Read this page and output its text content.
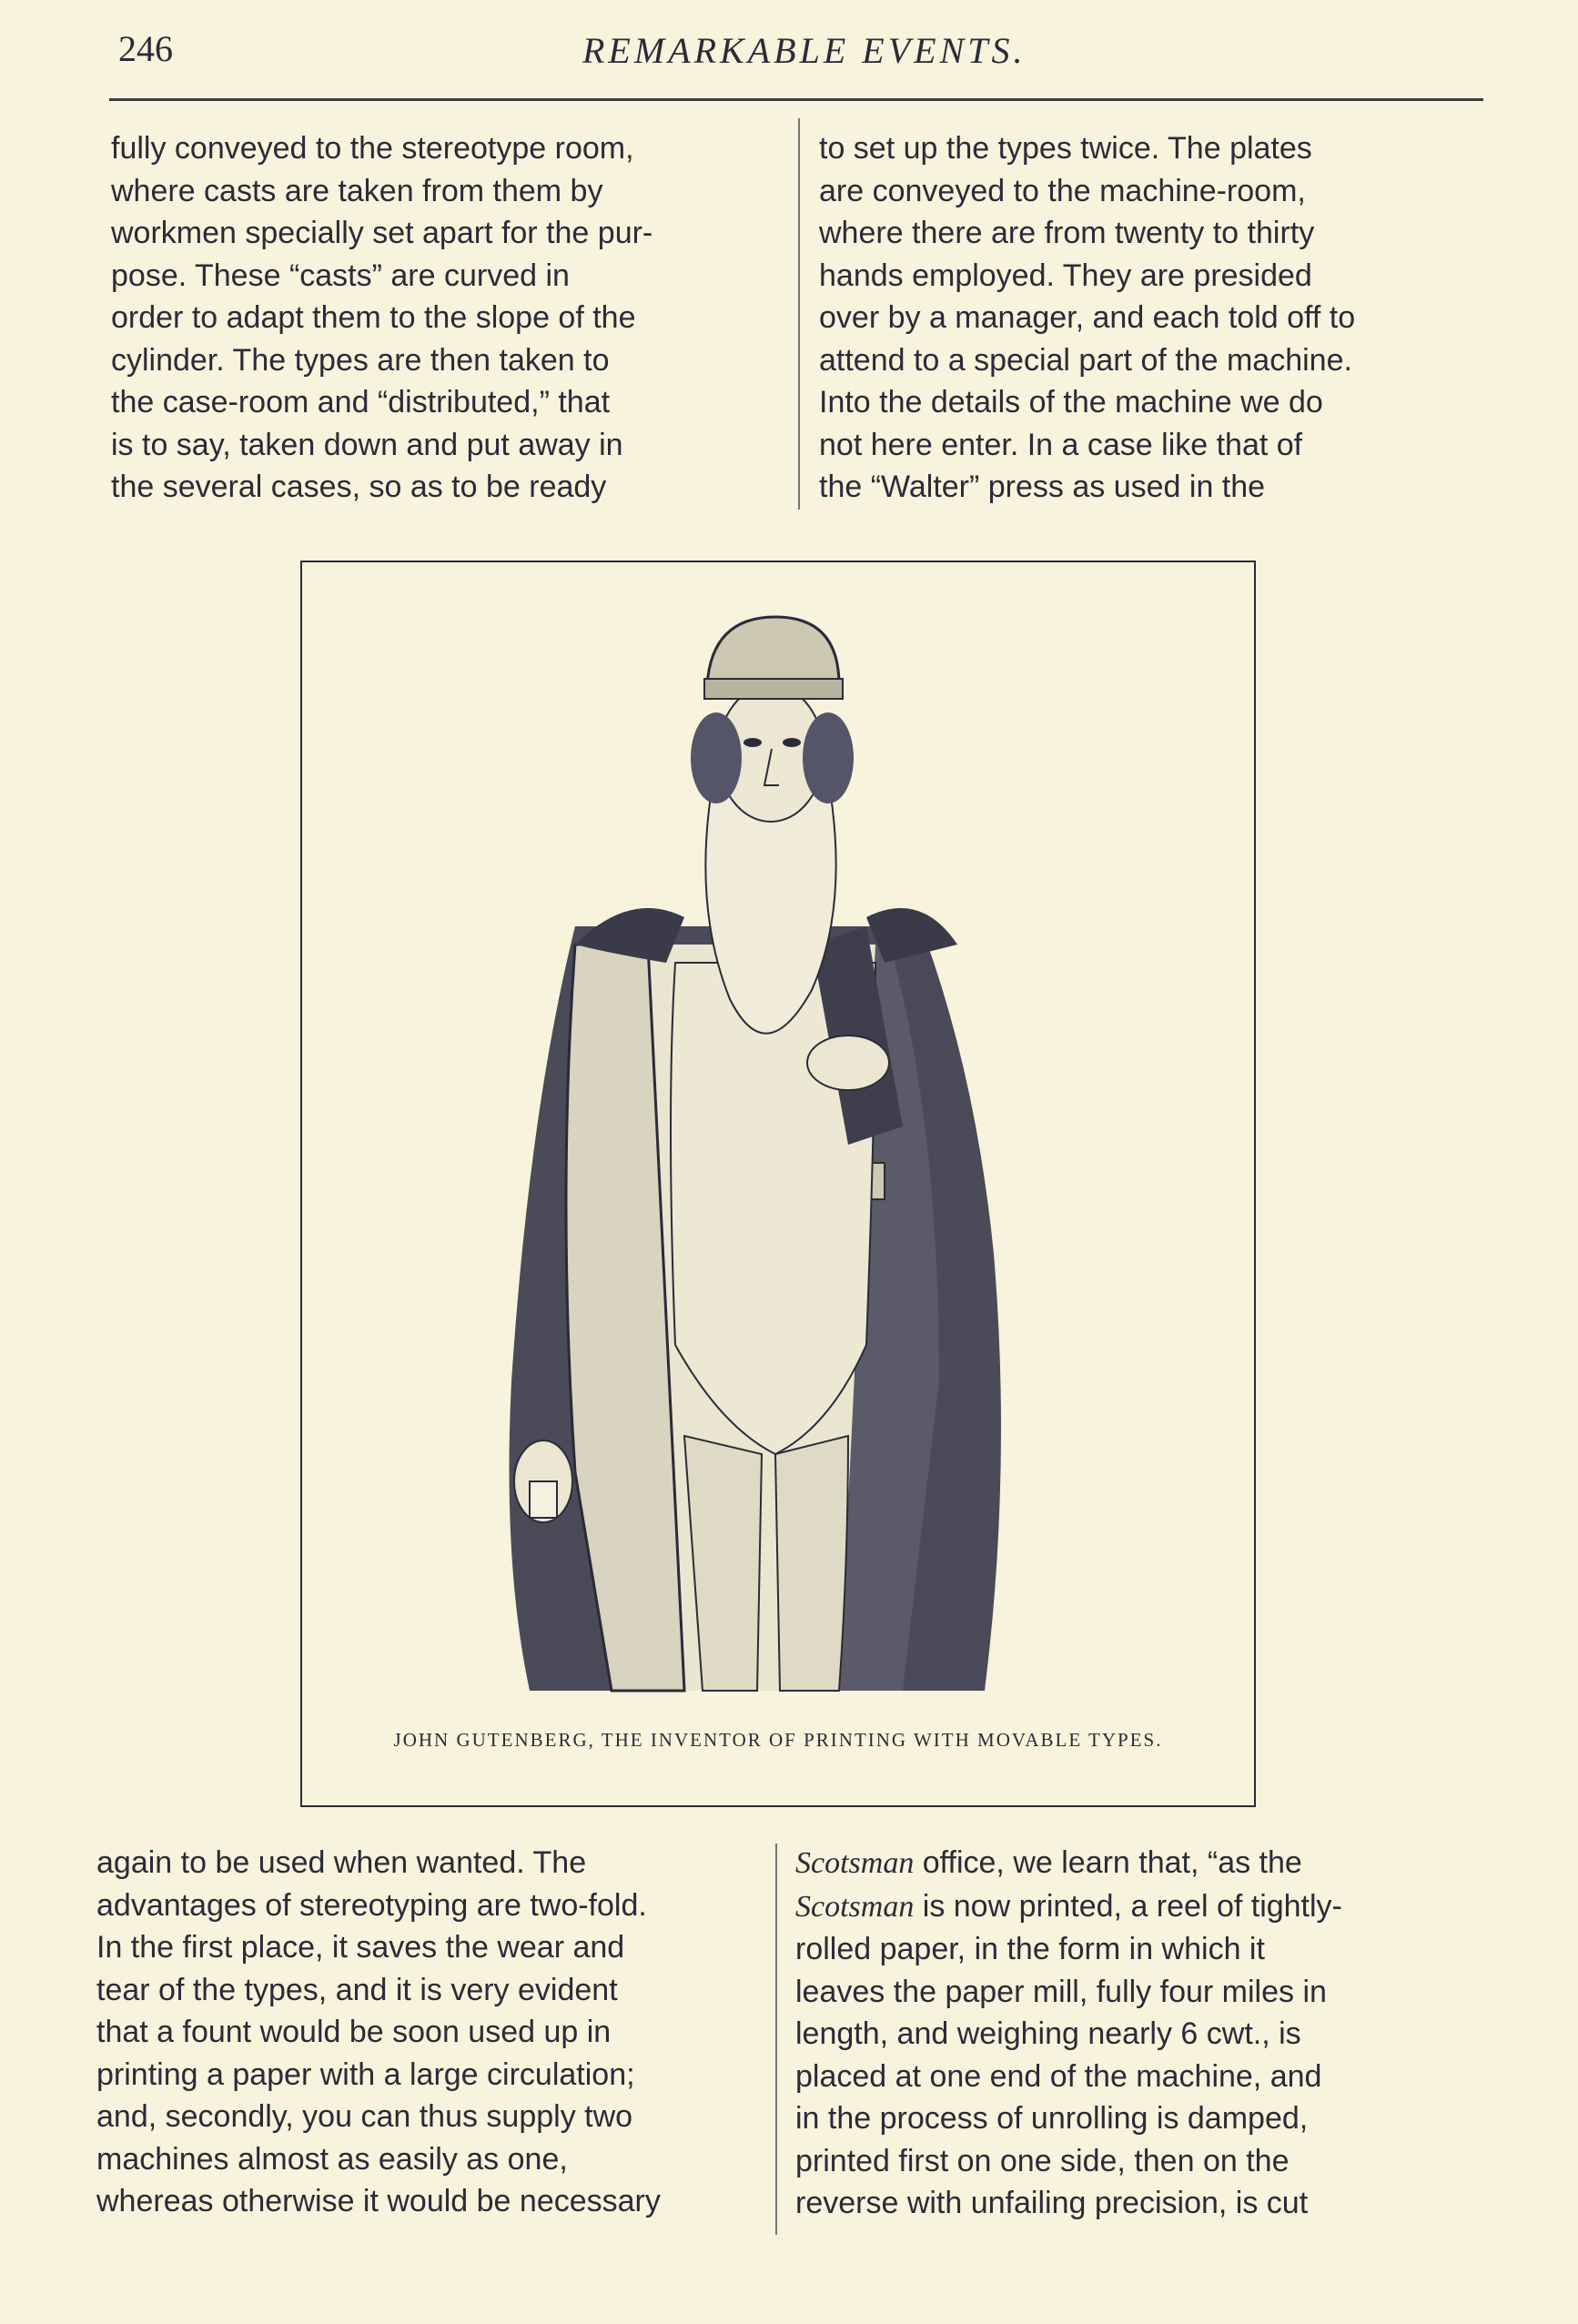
246	REMARKABLE EVENTS.
fully conveyed to the stereotype room,
where casts are taken from them by
workmen specially set apart for the pur-
pose. These “casts” are curved in
order to adapt them to the slope of the
cylinder. The types are then taken to
the case-room and “distributed,” that
is to say, taken down and put away in
the several cases, so as to be ready
to set up the types twice. The plates
are conveyed to the machine-room,
where there are from twenty to thirty
hands employed. They are presided
over by a manager, and each told off to
attend to a special part of the machine.
Into the details of the machine we do
not here enter. In a case like that of
the “Walter” press as used in the
JOHN GUTENBERG, THE INVENTOR OF PRINTING WITH MOVABLE TYPES.
again to be used when wanted. The
advantages of stereotyping are two-fold.
In the first place, it saves the wear and
tear of the types, and it is very evident
that a fount would be soon used up in
printing a paper with a large circulation;
and, secondly, you can thus supply two
machines almost as easily as one,
whereas otherwise it would be necessary
Scotsman office, we learn that, “as the
Scotsman is now printed, a reel of tightly-
rolled paper, in the form in which it
leaves the paper mill, fully four miles in
length, and weighing nearly 6 cwt., is
placed at one end of the machine, and
in the process of unrolling is damped,
printed first on one side, then on the
reverse with unfailing precision, is cut
